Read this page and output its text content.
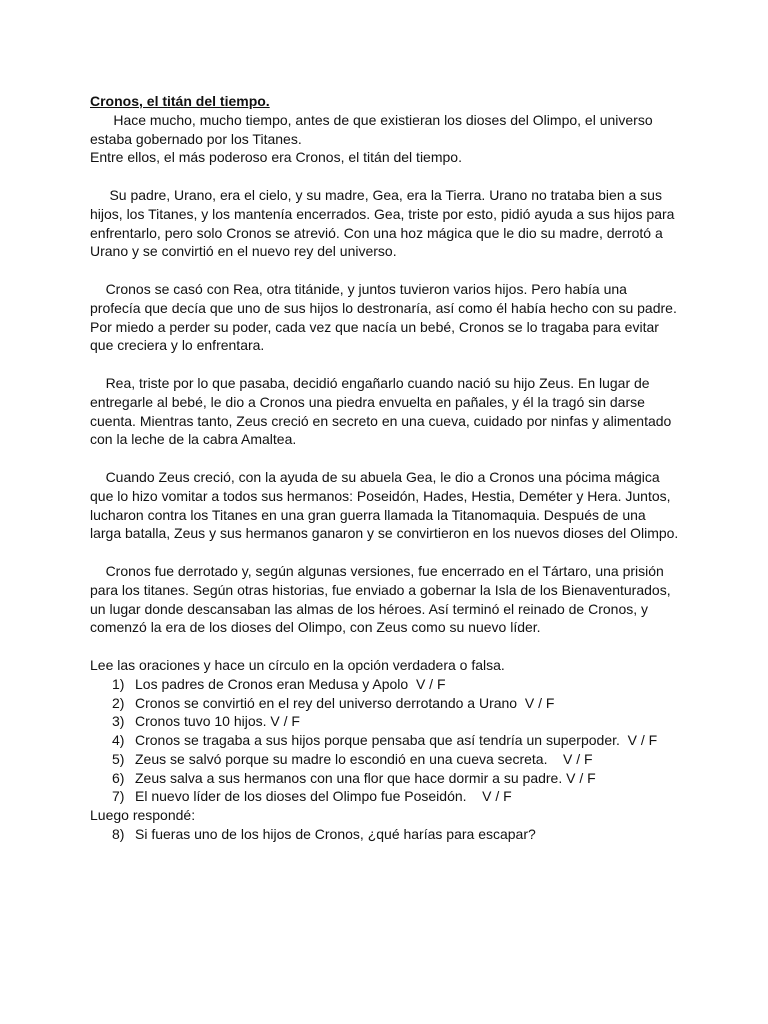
Cronos, el titán del tiempo.

Hace mucho, mucho tiempo, antes de que existieran los dioses del Olimpo, el universo

estaba gobernado por los Titanes.

Entre ellos, el más poderoso era Cronos, el titán del tiempo.

Su padre, Urano, era el cielo, y su madre, Gea, era la Tierra. Urano no trataba bien a sus hijos, los Titanes, y los mantenía encerrados. Gea, triste por esto, pidió ayuda a sus hijos para enfrentarlo, pero solo Cronos se atrevió. Con una hoz mágica que le dio su madre, derrotó a Urano y se convirtió en el nuevo rey del universo.

Cronos se casó con Rea, otra titánide, y juntos tuvieron varios hijos. Pero había una profecía que decía que uno de sus hijos lo destronaría, así como él había hecho con su padre. Por miedo a perder su poder, cada vez que nacía un bebé, Cronos se lo tragaba para evitar que creciera y lo enfrentara.

Rea, triste por lo que pasaba, decidió engañarlo cuando nació su hijo Zeus. En lugar de entregarle al bebé, le dio a Cronos una piedra envuelta en pañales, y él la tragó sin darse cuenta. Mientras tanto, Zeus creció en secreto en una cueva, cuidado por ninfas y alimentado con la leche de la cabra Amaltea.

Cuando Zeus creció, con la ayuda de su abuela Gea, le dio a Cronos una pócima mágica que lo hizo vomitar a todos sus hermanos: Poseidón, Hades, Hestia, Deméter y Hera. Juntos, lucharon contra los Titanes en una gran guerra llamada la Titanomaquia. Después de una larga batalla, Zeus y sus hermanos ganaron y se convirtieron en los nuevos dioses del Olimpo.

Cronos fue derrotado y, según algunas versiones, fue encerrado en el Tártaro, una prisión para los titanes. Según otras historias, fue enviado a gobernar la Isla de los Bienaventurados, un lugar donde descansaban las almas de los héroes. Así terminó el reinado de Cronos, y comenzó la era de los dioses del Olimpo, con Zeus como su nuevo líder.

Lee las oraciones y hace un círculo en la opción verdadera o falsa.

1) Los padres de Cronos eran Medusa y Apolo  V / F
2) Cronos se convirtió en el rey del universo derrotando a Urano  V / F
3) Cronos tuvo 10 hijos. V / F
4) Cronos se tragaba a sus hijos porque pensaba que así tendría un superpoder.  V / F
5) Zeus se salvó porque su madre lo escondió en una cueva secreta.    V / F
6) Zeus salva a sus hermanos con una flor que hace dormir a su padre. V / F
7) El nuevo líder de los dioses del Olimpo fue Poseidón.    V / F

Luego respondé:

8) Si fueras uno de los hijos de Cronos, ¿qué harías para escapar?
